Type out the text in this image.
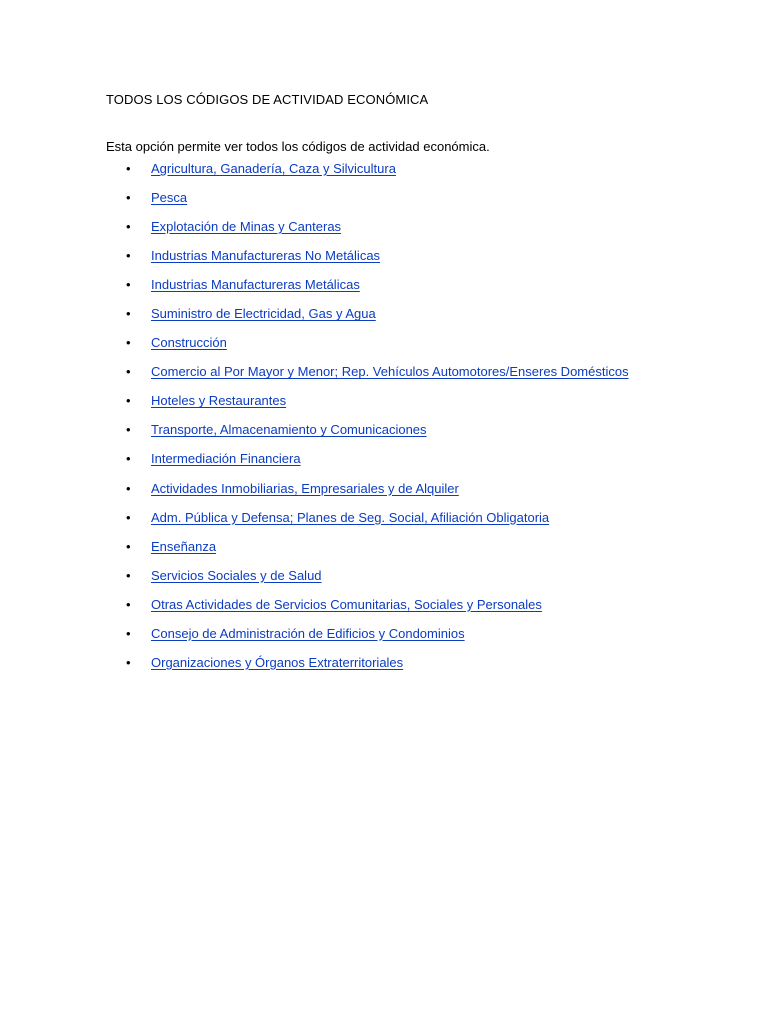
TODOS LOS CÓDIGOS DE ACTIVIDAD ECONÓMICA

Esta opción permite ver todos los códigos de actividad económica.

• Agricultura, Ganadería, Caza y Silvicultura
• Pesca
• Explotación de Minas y Canteras
• Industrias Manufactureras No Metálicas
• Industrias Manufactureras Metálicas
• Suministro de Electricidad, Gas y Agua
• Construcción
• Comercio al Por Mayor y Menor; Rep. Vehículos Automotores/Enseres Domésticos
• Hoteles y Restaurantes
• Transporte, Almacenamiento y Comunicaciones
• Intermediación Financiera
• Actividades Inmobiliarias, Empresariales y de Alquiler
• Adm. Pública y Defensa; Planes de Seg. Social, Afiliación Obligatoria
• Enseñanza
• Servicios Sociales y de Salud
• Otras Actividades de Servicios Comunitarias, Sociales y Personales
• Consejo de Administración de Edificios y Condominios
• Organizaciones y Órganos Extraterritoriales
